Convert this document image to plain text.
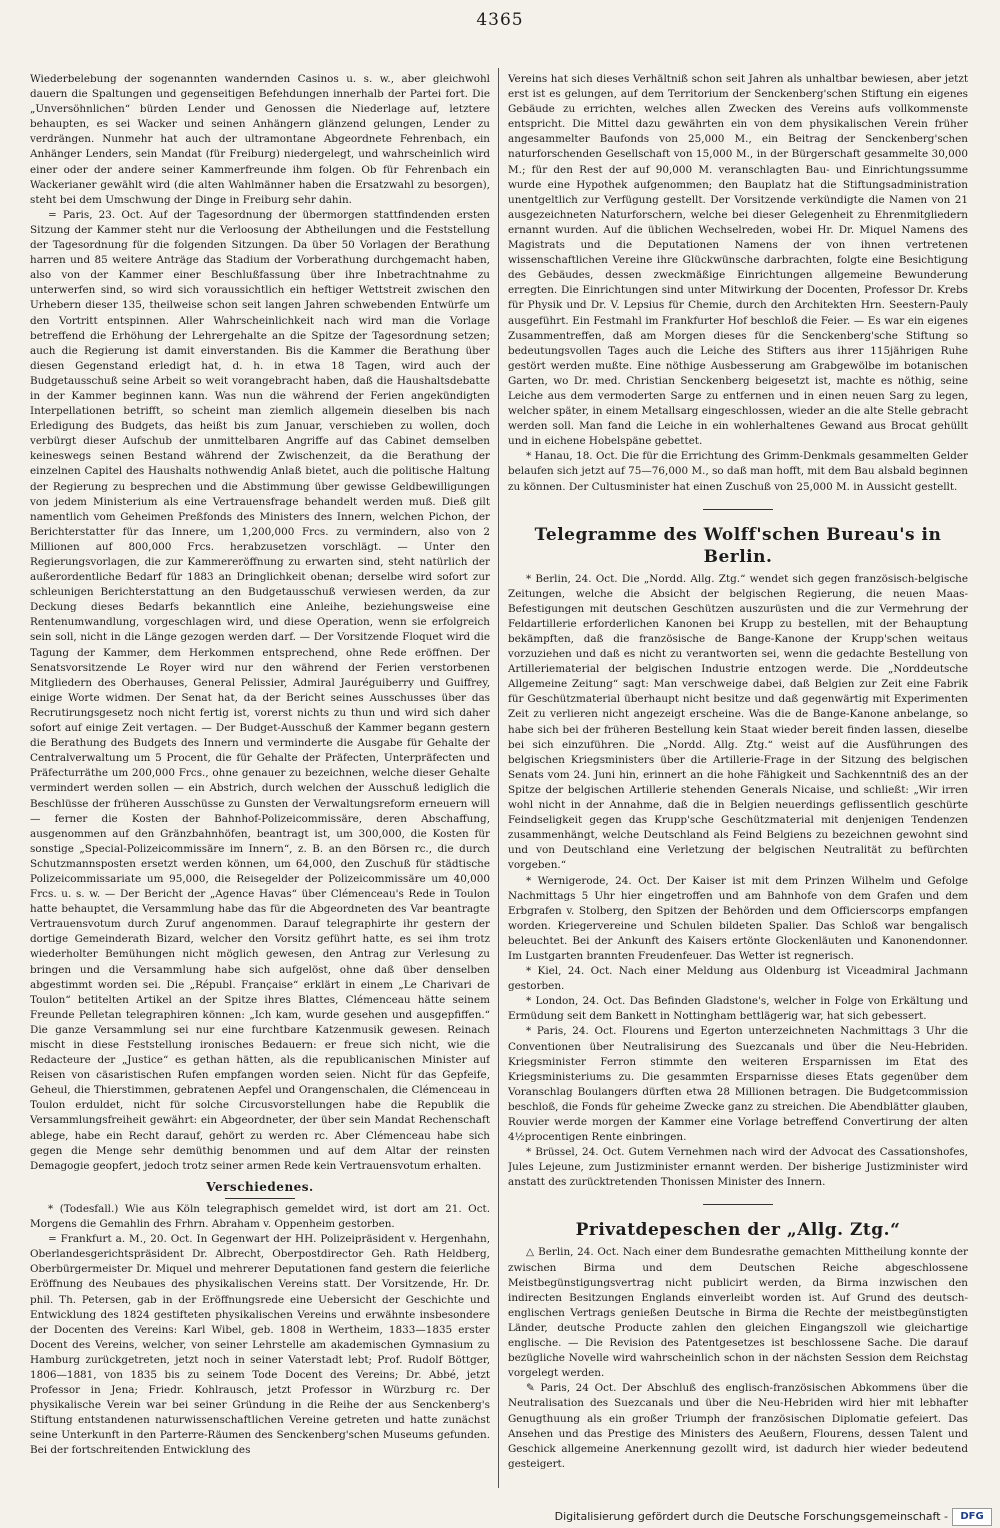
4365

Wiederbelebung der sogenannten wandernden Casinos u. s. w., aber gleichwohl dauern die Spaltungen und gegenseitigen Befehdungen innerhalb der Partei fort. Die „Unversöhnlichen“ bürden Lender und Genossen die Niederlage auf, letztere behaupten, es sei Wacker und seinen Anhängern glänzend gelungen, Lender zu verdrängen. Nunmehr hat auch der ultramontane Abgeordnete Fehrenbach, ein Anhänger Lenders, sein Mandat (für Freiburg) niedergelegt, und wahrscheinlich wird einer oder der andere seiner Kammerfreunde ihm folgen. Ob für Fehrenbach ein Wackerianer gewählt wird (die alten Wahlmänner haben die Ersatzwahl zu besorgen), steht bei dem Umschwung der Dinge in Freiburg sehr dahin.

= Paris, 23. Oct. Auf der Tagesordnung der übermorgen stattfindenden ersten Sitzung der Kammer steht nur die Verloosung der Abtheilungen und die Feststellung der Tagesordnung für die folgenden Sitzungen. Da über 50 Vorlagen der Berathung harren und 85 weitere Anträge das Stadium der Vorberathung durchgemacht haben, also von der Kammer einer Beschlußfassung über ihre Inbetrachtnahme zu unterwerfen sind, so wird sich voraussichtlich ein heftiger Wettstreit zwischen den Urhebern dieser 135, theilweise schon seit langen Jahren schwebenden Entwürfe um den Vortritt entspinnen. Aller Wahrscheinlichkeit nach wird man die Vorlage betreffend die Erhöhung der Lehrergehalte an die Spitze der Tagesordnung setzen; auch die Regierung ist damit einverstanden. Bis die Kammer die Berathung über diesen Gegenstand erledigt hat, d. h. in etwa 18 Tagen, wird auch der Budgetausschuß seine Arbeit so weit vorangebracht haben, daß die Haushaltsdebatte in der Kammer beginnen kann. Was nun die während der Ferien angekündigten Interpellationen betrifft, so scheint man ziemlich allgemein dieselben bis nach Erledigung des Budgets, das heißt bis zum Januar, verschieben zu wollen, doch verbürgt dieser Aufschub der unmittelbaren Angriffe auf das Cabinet demselben keineswegs seinen Bestand während der Zwischenzeit, da die Berathung der einzelnen Capitel des Haushalts nothwendig Anlaß bietet, auch die politische Haltung der Regierung zu besprechen und die Abstimmung über gewisse Geldbewilligungen von jedem Ministerium als eine Vertrauensfrage behandelt werden muß. Dieß gilt namentlich vom Geheimen Preßfonds des Ministers des Innern, welchen Pichon, der Berichterstatter für das Innere, um 1,200,000 Frcs. zu vermindern, also von 2 Millionen auf 800,000 Frcs. herabzusetzen vorschlägt. — Unter den Regierungsvorlagen, die zur Kammereröffnung zu erwarten sind, steht natürlich der außerordentliche Bedarf für 1883 an Dringlichkeit obenan; derselbe wird sofort zur schleunigen Berichterstattung an den Budgetausschuß verwiesen werden, da zur Deckung dieses Bedarfs bekanntlich eine Anleihe, beziehungsweise eine Rentenumwandlung, vorgeschlagen wird, und diese Operation, wenn sie erfolgreich sein soll, nicht in die Länge gezogen werden darf. — Der Vorsitzende Floquet wird die Tagung der Kammer, dem Herkommen entsprechend, ohne Rede eröffnen. Der Senatsvorsitzende Le Royer wird nur den während der Ferien verstorbenen Mitgliedern des Oberhauses, General Pelissier, Admiral Jauréguiberry und Guiffrey, einige Worte widmen. Der Senat hat, da der Bericht seines Ausschusses über das Recrutirungsgesetz noch nicht fertig ist, vorerst nichts zu thun und wird sich daher sofort auf einige Zeit vertagen. — Der Budget-Ausschuß der Kammer begann gestern die Berathung des Budgets des Innern und verminderte die Ausgabe für Gehalte der Centralverwaltung um 5 Procent, die für Gehalte der Präfecten, Unterpräfecten und Präfecturräthe um 200,000 Frcs., ohne genauer zu bezeichnen, welche dieser Gehalte vermindert werden sollen — ein Abstrich, durch welchen der Ausschuß lediglich die Beschlüsse der früheren Ausschüsse zu Gunsten der Verwaltungsreform erneuern will — ferner die Kosten der Bahnhof-Polizeicommissäre, deren Abschaffung, ausgenommen auf den Gränzbahnhöfen, beantragt ist, um 300,000, die Kosten für sonstige „Special-Polizeicommissäre im Innern“, z. B. an den Börsen rc., die durch Schutzmannsposten ersetzt werden können, um 64,000, den Zuschuß für städtische Polizeicommissariate um 95,000, die Reisegelder der Polizeicommissäre um 40,000 Frcs. u. s. w. — Der Bericht der „Agence Havas“ über Clémenceau's Rede in Toulon hatte behauptet, die Versammlung habe das für die Abgeordneten des Var beantragte Vertrauensvotum durch Zuruf angenommen. Darauf telegraphirte ihr gestern der dortige Gemeinderath Bizard, welcher den Vorsitz geführt hatte, es sei ihm trotz wiederholter Bemühungen nicht möglich gewesen, den Antrag zur Verlesung zu bringen und die Versammlung habe sich aufgelöst, ohne daß über denselben abgestimmt worden sei. Die „Républ. Française“ erklärt in einem „Le Charivari de Toulon“ betitelten Artikel an der Spitze ihres Blattes, Clémenceau hätte seinem Freunde Pelletan telegraphiren können: „Ich kam, wurde gesehen und ausgepfiffen.“ Die ganze Versammlung sei nur eine furchtbare Katzenmusik gewesen. Reinach mischt in diese Feststellung ironisches Bedauern: er freue sich nicht, wie die Redacteure der „Justice“ es gethan hätten, als die republicanischen Minister auf Reisen von cäsaristischen Rufen empfangen worden seien. Nicht für das Gepfeife, Geheul, die Thierstimmen, gebratenen Aepfel und Orangenschalen, die Clémenceau in Toulon erduldet, nicht für solche Circusvorstellungen habe die Republik die Versammlungsfreiheit gewährt: ein Abgeordneter, der über sein Mandat Rechenschaft ablege, habe ein Recht darauf, gehört zu werden rc. Aber Clémenceau habe sich gegen die Menge sehr demüthig benommen und auf dem Altar der reinsten Demagogie geopfert, jedoch trotz seiner armen Rede kein Vertrauensvotum erhalten.

Verschiedenes.

* (Todesfall.) Wie aus Köln telegraphisch gemeldet wird, ist dort am 21. Oct. Morgens die Gemahlin des Frhrn. Abraham v. Oppenheim gestorben.

= Frankfurt a. M., 20. Oct. In Gegenwart der HH. Polizeipräsident v. Hergenhahn, Oberlandesgerichtspräsident Dr. Albrecht, Oberpostdirector Geh. Rath Heldberg, Oberbürgermeister Dr. Miquel und mehrerer Deputationen fand gestern die feierliche Eröffnung des Neubaues des physikalischen Vereins statt. Der Vorsitzende, Hr. Dr. phil. Th. Petersen, gab in der Eröffnungsrede eine Uebersicht der Geschichte und Entwicklung des 1824 gestifteten physikalischen Vereins und erwähnte insbesondere der Docenten des Vereins: Karl Wibel, geb. 1808 in Wertheim, 1833—1835 erster Docent des Vereins, welcher, von seiner Lehrstelle am akademischen Gymnasium zu Hamburg zurückgetreten, jetzt noch in seiner Vaterstadt lebt; Prof. Rudolf Böttger, 1806—1881, von 1835 bis zu seinem Tode Docent des Vereins; Dr. Abbé, jetzt Professor in Jena; Friedr. Kohlrausch, jetzt Professor in Würzburg rc. Der physikalische Verein war bei seiner Gründung in die Reihe der aus Senckenberg's Stiftung entstandenen naturwissenschaftlichen Vereine getreten und hatte zunächst seine Unterkunft in den Parterre-Räumen des Senckenberg'schen Museums gefunden. Bei der fortschreitenden Entwicklung des

Vereins hat sich dieses Verhältniß schon seit Jahren als unhaltbar bewiesen, aber jetzt erst ist es gelungen, auf dem Territorium der Senckenberg'schen Stiftung ein eigenes Gebäude zu errichten, welches allen Zwecken des Vereins aufs vollkommenste entspricht. Die Mittel dazu gewährten ein von dem physikalischen Verein früher angesammelter Baufonds von 25,000 M., ein Beitrag der Senckenberg'schen naturforschenden Gesellschaft von 15,000 M., in der Bürgerschaft gesammelte 30,000 M.; für den Rest der auf 90,000 M. veranschlagten Bau- und Einrichtungssumme wurde eine Hypothek aufgenommen; den Bauplatz hat die Stiftungsadministration unentgeltlich zur Verfügung gestellt. Der Vorsitzende verkündigte die Namen von 21 ausgezeichneten Naturforschern, welche bei dieser Gelegenheit zu Ehrenmitgliedern ernannt wurden. Auf die üblichen Wechselreden, wobei Hr. Dr. Miquel Namens des Magistrats und die Deputationen Namens der von ihnen vertretenen wissenschaftlichen Vereine ihre Glückwünsche darbrachten, folgte eine Besichtigung des Gebäudes, dessen zweckmäßige Einrichtungen allgemeine Bewunderung erregten. Die Einrichtungen sind unter Mitwirkung der Docenten, Professor Dr. Krebs für Physik und Dr. V. Lepsius für Chemie, durch den Architekten Hrn. Seestern-Pauly ausgeführt. Ein Festmahl im Frankfurter Hof beschloß die Feier. — Es war ein eigenes Zusammentreffen, daß am Morgen dieses für die Senckenberg'sche Stiftung so bedeutungsvollen Tages auch die Leiche des Stifters aus ihrer 115jährigen Ruhe gestört werden mußte. Eine nöthige Ausbesserung am Grabgewölbe im botanischen Garten, wo Dr. med. Christian Senckenberg beigesetzt ist, machte es nöthig, seine Leiche aus dem vermoderten Sarge zu entfernen und in einen neuen Sarg zu legen, welcher später, in einem Metallsarg eingeschlossen, wieder an die alte Stelle gebracht werden soll. Man fand die Leiche in ein wohlerhaltenes Gewand aus Brocat gehüllt und in eichene Hobelspäne gebettet.

* Hanau, 18. Oct. Die für die Errichtung des Grimm-Denkmals gesammelten Gelder belaufen sich jetzt auf 75—76,000 M., so daß man hofft, mit dem Bau alsbald beginnen zu können. Der Cultusminister hat einen Zuschuß von 25,000 M. in Aussicht gestellt.

Telegramme des Wolff'schen Bureau's in Berlin.

* Berlin, 24. Oct. Die „Nordd. Allg. Ztg.“ wendet sich gegen französisch-belgische Zeitungen, welche die Absicht der belgischen Regierung, die neuen Maas-Befestigungen mit deutschen Geschützen auszurüsten und die zur Vermehrung der Feldartillerie erforderlichen Kanonen bei Krupp zu bestellen, mit der Behauptung bekämpften, daß die französische de Bange-Kanone der Krupp'schen weitaus vorzuziehen und daß es nicht zu verantworten sei, wenn die gedachte Bestellung von Artilleriematerial der belgischen Industrie entzogen werde. Die „Norddeutsche Allgemeine Zeitung“ sagt: Man verschweige dabei, daß Belgien zur Zeit eine Fabrik für Geschützmaterial überhaupt nicht besitze und daß gegenwärtig mit Experimenten Zeit zu verlieren nicht angezeigt erscheine. Was die de Bange-Kanone anbelange, so habe sich bei der früheren Bestellung kein Staat wieder bereit finden lassen, dieselbe bei sich einzuführen. Die „Nordd. Allg. Ztg.“ weist auf die Ausführungen des belgischen Kriegsministers über die Artillerie-Frage in der Sitzung des belgischen Senats vom 24. Juni hin, erinnert an die hohe Fähigkeit und Sachkenntniß des an der Spitze der belgischen Artillerie stehenden Generals Nicaise, und schließt: „Wir irren wohl nicht in der Annahme, daß die in Belgien neuerdings geflissentlich geschürte Feindseligkeit gegen das Krupp'sche Geschützmaterial mit denjenigen Tendenzen zusammenhängt, welche Deutschland als Feind Belgiens zu bezeichnen gewohnt sind und von Deutschland eine Verletzung der belgischen Neutralität zu befürchten vorgeben.“

* Wernigerode, 24. Oct. Der Kaiser ist mit dem Prinzen Wilhelm und Gefolge Nachmittags 5 Uhr hier eingetroffen und am Bahnhofe von dem Grafen und dem Erbgrafen v. Stolberg, den Spitzen der Behörden und dem Officierscorps empfangen worden. Kriegervereine und Schulen bildeten Spalier. Das Schloß war bengalisch beleuchtet. Bei der Ankunft des Kaisers ertönte Glockenläuten und Kanonendonner. Im Lustgarten brannten Freudenfeuer. Das Wetter ist regnerisch.

* Kiel, 24. Oct. Nach einer Meldung aus Oldenburg ist Viceadmiral Jachmann gestorben.

* London, 24. Oct. Das Befinden Gladstone's, welcher in Folge von Erkältung und Ermüdung seit dem Bankett in Nottingham bettlägerig war, hat sich gebessert.

* Paris, 24. Oct. Flourens und Egerton unterzeichneten Nachmittags 3 Uhr die Conventionen über Neutralisirung des Suezcanals und über die Neu-Hebriden. Kriegsminister Ferron stimmte den weiteren Ersparnissen im Etat des Kriegsministeriums zu. Die gesammten Ersparnisse dieses Etats gegenüber dem Voranschlag Boulangers dürften etwa 28 Millionen betragen. Die Budgetcommission beschloß, die Fonds für geheime Zwecke ganz zu streichen. Die Abendblätter glauben, Rouvier werde morgen der Kammer eine Vorlage betreffend Convertirung der alten 4½procentigen Rente einbringen.

* Brüssel, 24. Oct. Gutem Vernehmen nach wird der Advocat des Cassationshofes, Jules Lejeune, zum Justizminister ernannt werden. Der bisherige Justizminister wird anstatt des zurücktretenden Thonissen Minister des Innern.

Privatdepeschen der „Allg. Ztg.“

△ Berlin, 24. Oct. Nach einer dem Bundesrathe gemachten Mittheilung konnte der zwischen Birma und dem Deutschen Reiche abgeschlossene Meistbegünstigungsvertrag nicht publicirt werden, da Birma inzwischen den indirecten Besitzungen Englands einverleibt worden ist. Auf Grund des deutsch-englischen Vertrags genießen Deutsche in Birma die Rechte der meistbegünstigten Länder, deutsche Producte zahlen den gleichen Eingangszoll wie gleichartige englische. — Die Revision des Patentgesetzes ist beschlossene Sache. Die darauf bezügliche Novelle wird wahrscheinlich schon in der nächsten Session dem Reichstag vorgelegt werden.

✎ Paris, 24 Oct. Der Abschluß des englisch-französischen Abkommens über die Neutralisation des Suezcanals und über die Neu-Hebriden wird hier mit lebhafter Genugthuung als ein großer Triumph der französischen Diplomatie gefeiert. Das Ansehen und das Prestige des Ministers des Aeußern, Flourens, dessen Talent und Geschick allgemeine Anerkennung gezollt wird, ist dadurch hier wieder bedeutend gesteigert.

Digitalisierung gefördert durch die Deutsche Forschungsgemeinschaft -	DFG
